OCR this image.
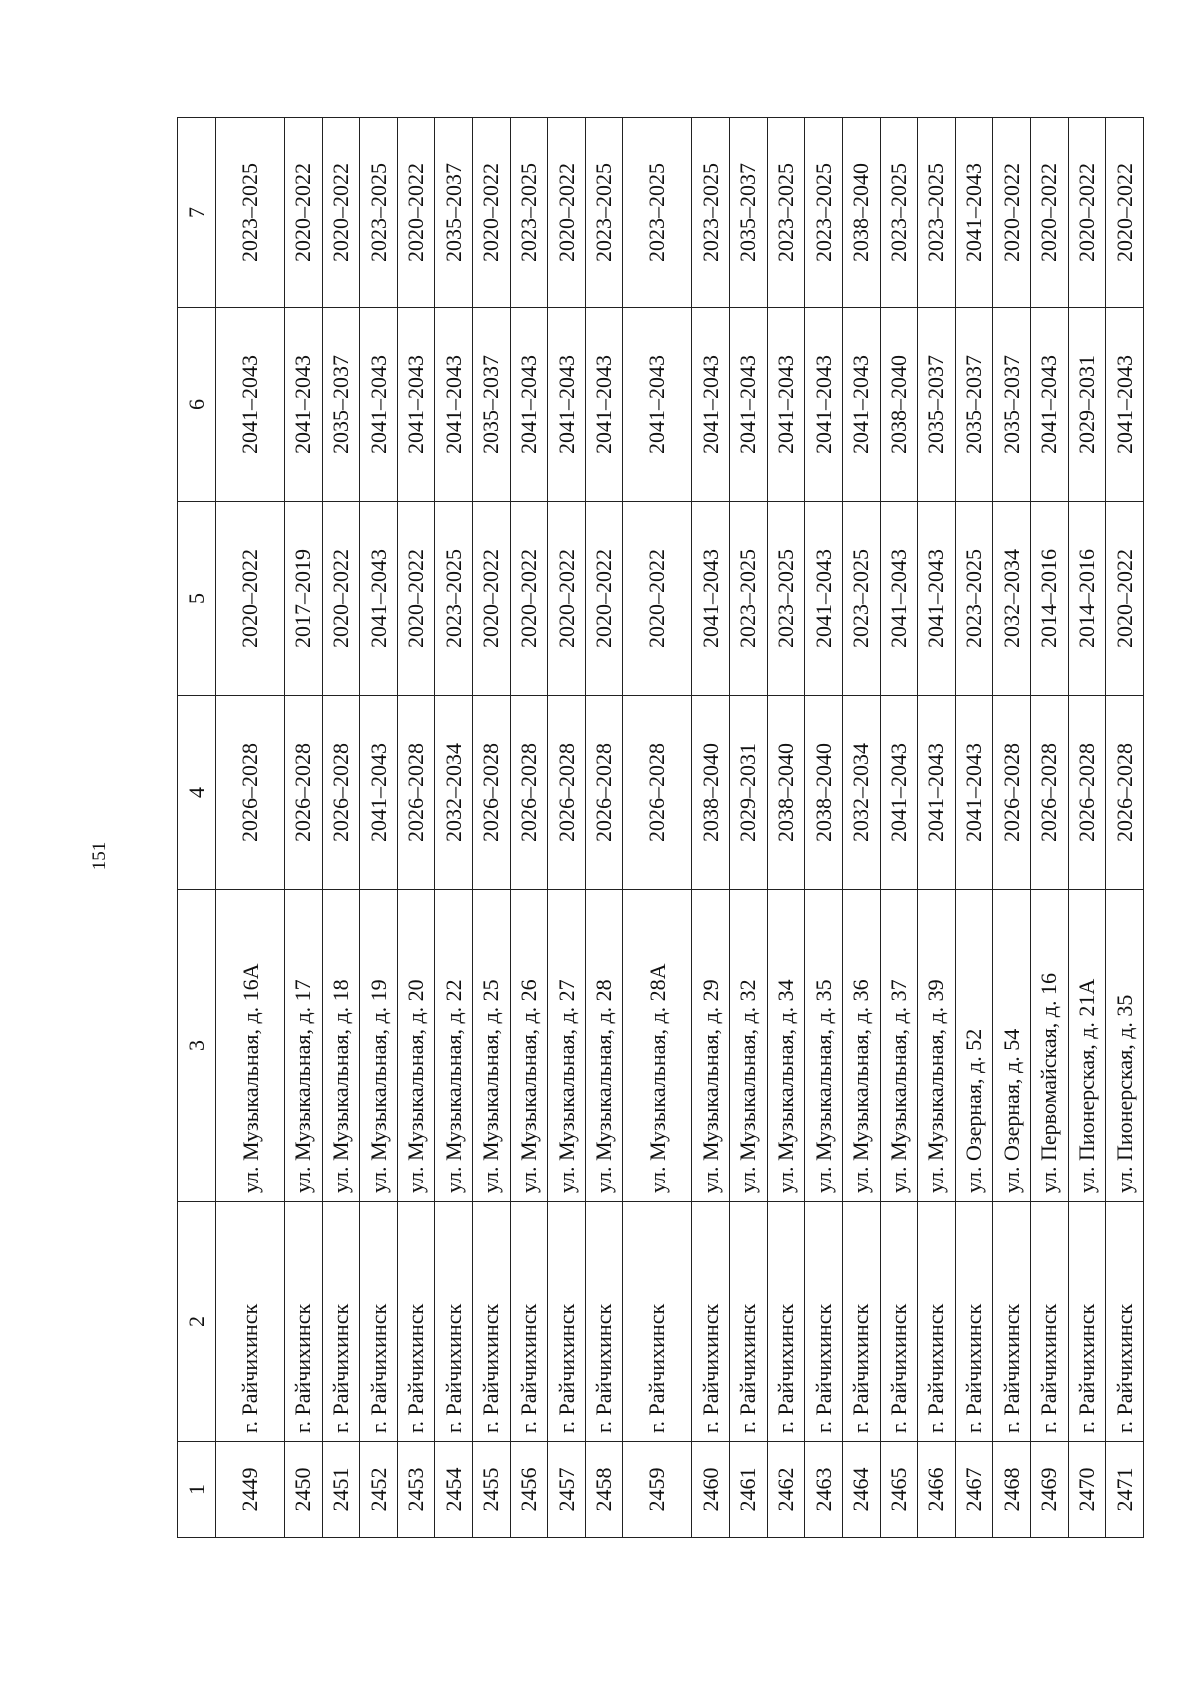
151
1	2	3	4	5	6	7
2449	г. Райчихинск	ул. Музыкальная, д. 16А	2026–2028	2020–2022	2041–2043	2023–2025
2450	г. Райчихинск	ул. Музыкальная, д. 17	2026–2028	2017–2019	2041–2043	2020–2022
2451	г. Райчихинск	ул. Музыкальная, д. 18	2026–2028	2020–2022	2035–2037	2020–2022
2452	г. Райчихинск	ул. Музыкальная, д. 19	2041–2043	2041–2043	2041–2043	2023–2025
2453	г. Райчихинск	ул. Музыкальная, д. 20	2026–2028	2020–2022	2041–2043	2020–2022
2454	г. Райчихинск	ул. Музыкальная, д. 22	2032–2034	2023–2025	2041–2043	2035–2037
2455	г. Райчихинск	ул. Музыкальная, д. 25	2026–2028	2020–2022	2035–2037	2020–2022
2456	г. Райчихинск	ул. Музыкальная, д. 26	2026–2028	2020–2022	2041–2043	2023–2025
2457	г. Райчихинск	ул. Музыкальная, д. 27	2026–2028	2020–2022	2041–2043	2020–2022
2458	г. Райчихинск	ул. Музыкальная, д. 28	2026–2028	2020–2022	2041–2043	2023–2025
2459	г. Райчихинск	ул. Музыкальная, д. 28А	2026–2028	2020–2022	2041–2043	2023–2025
2460	г. Райчихинск	ул. Музыкальная, д. 29	2038–2040	2041–2043	2041–2043	2023–2025
2461	г. Райчихинск	ул. Музыкальная, д. 32	2029–2031	2023–2025	2041–2043	2035–2037
2462	г. Райчихинск	ул. Музыкальная, д. 34	2038–2040	2023–2025	2041–2043	2023–2025
2463	г. Райчихинск	ул. Музыкальная, д. 35	2038–2040	2041–2043	2041–2043	2023–2025
2464	г. Райчихинск	ул. Музыкальная, д. 36	2032–2034	2023–2025	2041–2043	2038–2040
2465	г. Райчихинск	ул. Музыкальная, д. 37	2041–2043	2041–2043	2038–2040	2023–2025
2466	г. Райчихинск	ул. Музыкальная, д. 39	2041–2043	2041–2043	2035–2037	2023–2025
2467	г. Райчихинск	ул. Озерная, д. 52	2041–2043	2023–2025	2035–2037	2041–2043
2468	г. Райчихинск	ул. Озерная, д. 54	2026–2028	2032–2034	2035–2037	2020–2022
2469	г. Райчихинск	ул. Первомайская, д. 16	2026–2028	2014–2016	2041–2043	2020–2022
2470	г. Райчихинск	ул. Пионерская, д. 21А	2026–2028	2014–2016	2029–2031	2020–2022
2471	г. Райчихинск	ул. Пионерская, д. 35	2026–2028	2020–2022	2041–2043	2020–2022
